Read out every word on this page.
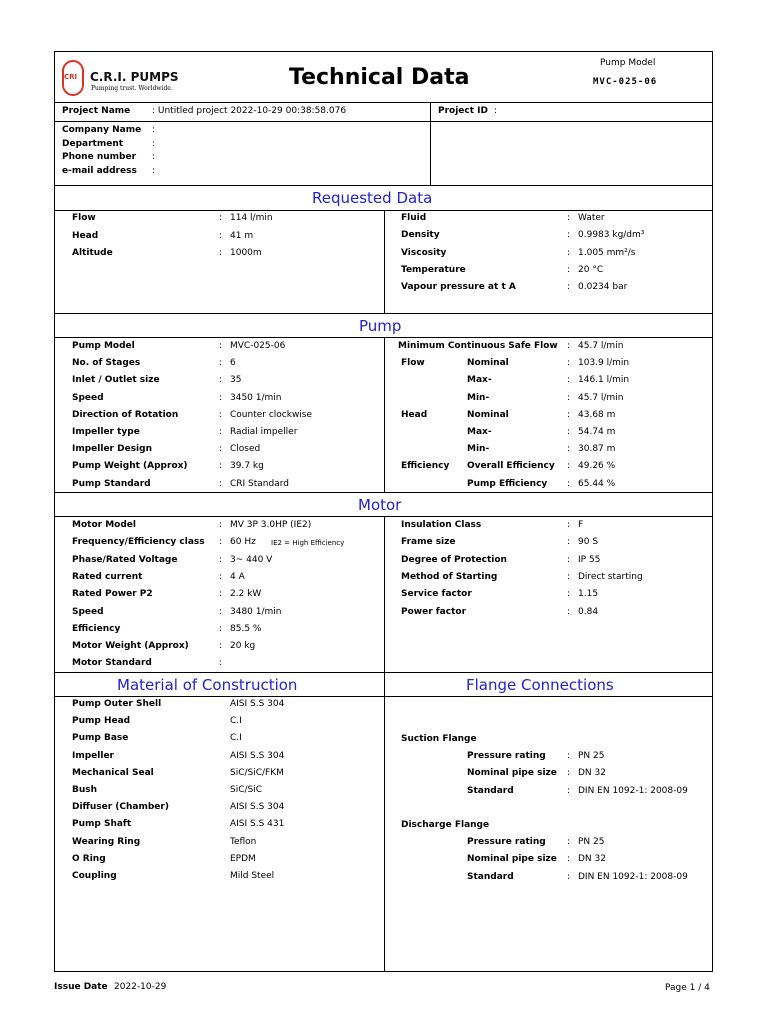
CRI C.R.I. PUMPS
Pumping trust. Worldwide.	Technical Data
Pump Model
MVC-025-06
Project Name : Untitled project 2022-10-29 00:38:58.076	Project ID :
Requested Data
Pump
Motor
Material of Construction	Flange Connections
Company Name :
Department	:
Phone number :
e-mail address :
Flow	: 114 l/min
Head	: 41 m
Altitude	: 1000m
Fluid	: Water
Density	: 0.9983 kg/dm³
Viscosity	: 1.005 mm²/s
Temperature	: 20 °C
Vapour pressure at t A	: 0.0234 bar
Pump Model	: MVC-025-06
No. of Stages	: 6
Inlet / Outlet size	: 35
Speed	: 3450 1/min
Direction of Rotation	: Counter clockwise
Impeller type	: Radial impeller
Impeller Design	: Closed
Pump Weight (Approx)	: 39.7 kg
Pump Standard	: CRI Standard
Minimum Continuous Safe Flow : 45.7 l/min
Flow	Nominal	: 103.9 l/min
Max-	: 146.1 l/min
Min-	: 45.7 l/min
Head	Nominal	: 43.68 m
Max-	: 54.74 m
Min-	: 30.87 m
Efficiency Overall Efficiency : 49.26 %
Pump Efficiency : 65.44 %
Motor Model	: MV 3P 3.0HP (IE2)
Frequency/Efficiency class : 60 Hz IE2 = High Efficiency
Phase/Rated Voltage	: 3~ 440 V
Rated current	: 4 A
Rated Power P2	: 2.2 kW
Speed	: 3480 1/min
Efficiency	: 85.5 %
Motor Weight (Approx)	: 20 kg
Motor Standard	:
Insulation Class	: F
Frame size	: 90 S
Degree of Protection	: IP 55
Method of Starting	: Direct starting
Service factor	: 1.15
Power factor	: 0.84
Pump Outer Shell	AISI S.S 304
Pump Head	C.I
Pump Base	C.I
Impeller	AISI S.S 304
Mechanical Seal	SiC/SiC/FKM
Bush	SiC/SiC
Diffuser (Chamber)	AISI S.S 304
Pump Shaft	AISI S.S 431
Wearing Ring	Teflon
O Ring	EPDM
Coupling	Mild Steel
Suction Flange
Pressure rating : PN 25
Nominal pipe size : DN 32
Standard	: DIN EN 1092-1: 2008-09
Discharge Flange
Pressure rating : PN 25
Nominal pipe size : DN 32
Standard	: DIN EN 1092-1: 2008-09
Issue Date 2022-10-29	Page 1 / 4
